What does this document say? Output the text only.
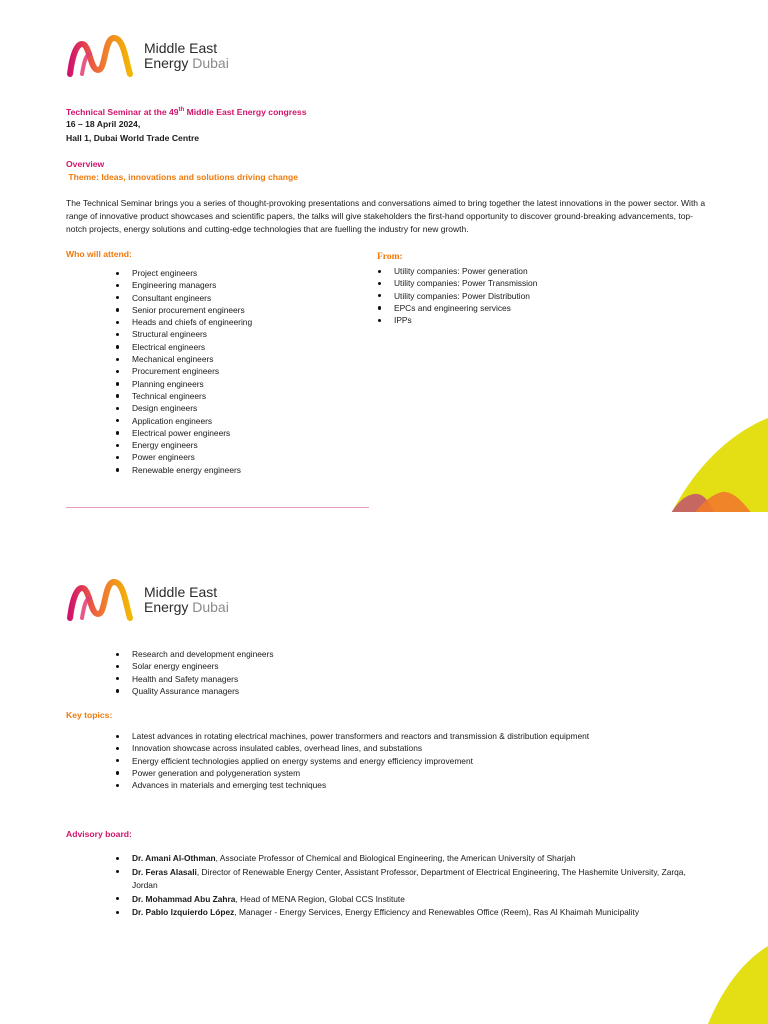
Middle East
Energy Dubai
Technical Seminar at the 49th Middle East Energy congress
16 – 18 April 2024,
Hall 1, Dubai World Trade Centre
Overview
Theme: Ideas, innovations and solutions driving change
The Technical Seminar brings you a series of thought-provoking presentations and conversations aimed to bring together the latest innovations in the power sector. With a range of innovative product showcases and scientific papers, the talks will give stakeholders the first-hand opportunity to discover ground-breaking advancements, top-notch projects, energy solutions and cutting-edge technologies that are fuelling the industry for new growth.
Who will attend:
Project engineers
Engineering managers
Consultant engineers
Senior procurement engineers
Heads and chiefs of engineering
Structural engineers
Electrical engineers
Mechanical engineers
Procurement engineers
Planning engineers
Technical engineers
Design engineers
Application engineers
Electrical power engineers
Energy engineers
Power engineers
Renewable energy engineers
From:
Utility companies: Power generation
Utility companies: Power Transmission
Utility companies: Power Distribution
EPCs and engineering services
IPPs
Middle East
Energy Dubai
Research and development engineers
Solar energy engineers
Health and Safety managers
Quality Assurance managers
Key topics:
Latest advances in rotating electrical machines, power transformers and reactors and transmission & distribution equipment
Innovation showcase across insulated cables, overhead lines, and substations
Energy efficient technologies applied on energy systems and energy efficiency improvement
Power generation and polygeneration system
Advances in materials and emerging test techniques
Advisory board:
Dr. Amani Al-Othman, Associate Professor of Chemical and Biological Engineering, the American University of Sharjah
Dr. Feras Alasali, Director of Renewable Energy Center, Assistant Professor, Department of Electrical Engineering, The Hashemite University, Zarqa, Jordan
Dr. Mohammad Abu Zahra, Head of MENA Region, Global CCS Institute
Dr. Pablo Izquierdo López, Manager - Energy Services, Energy Efficiency and Renewables Office (Reem), Ras Al Khaimah Municipality
